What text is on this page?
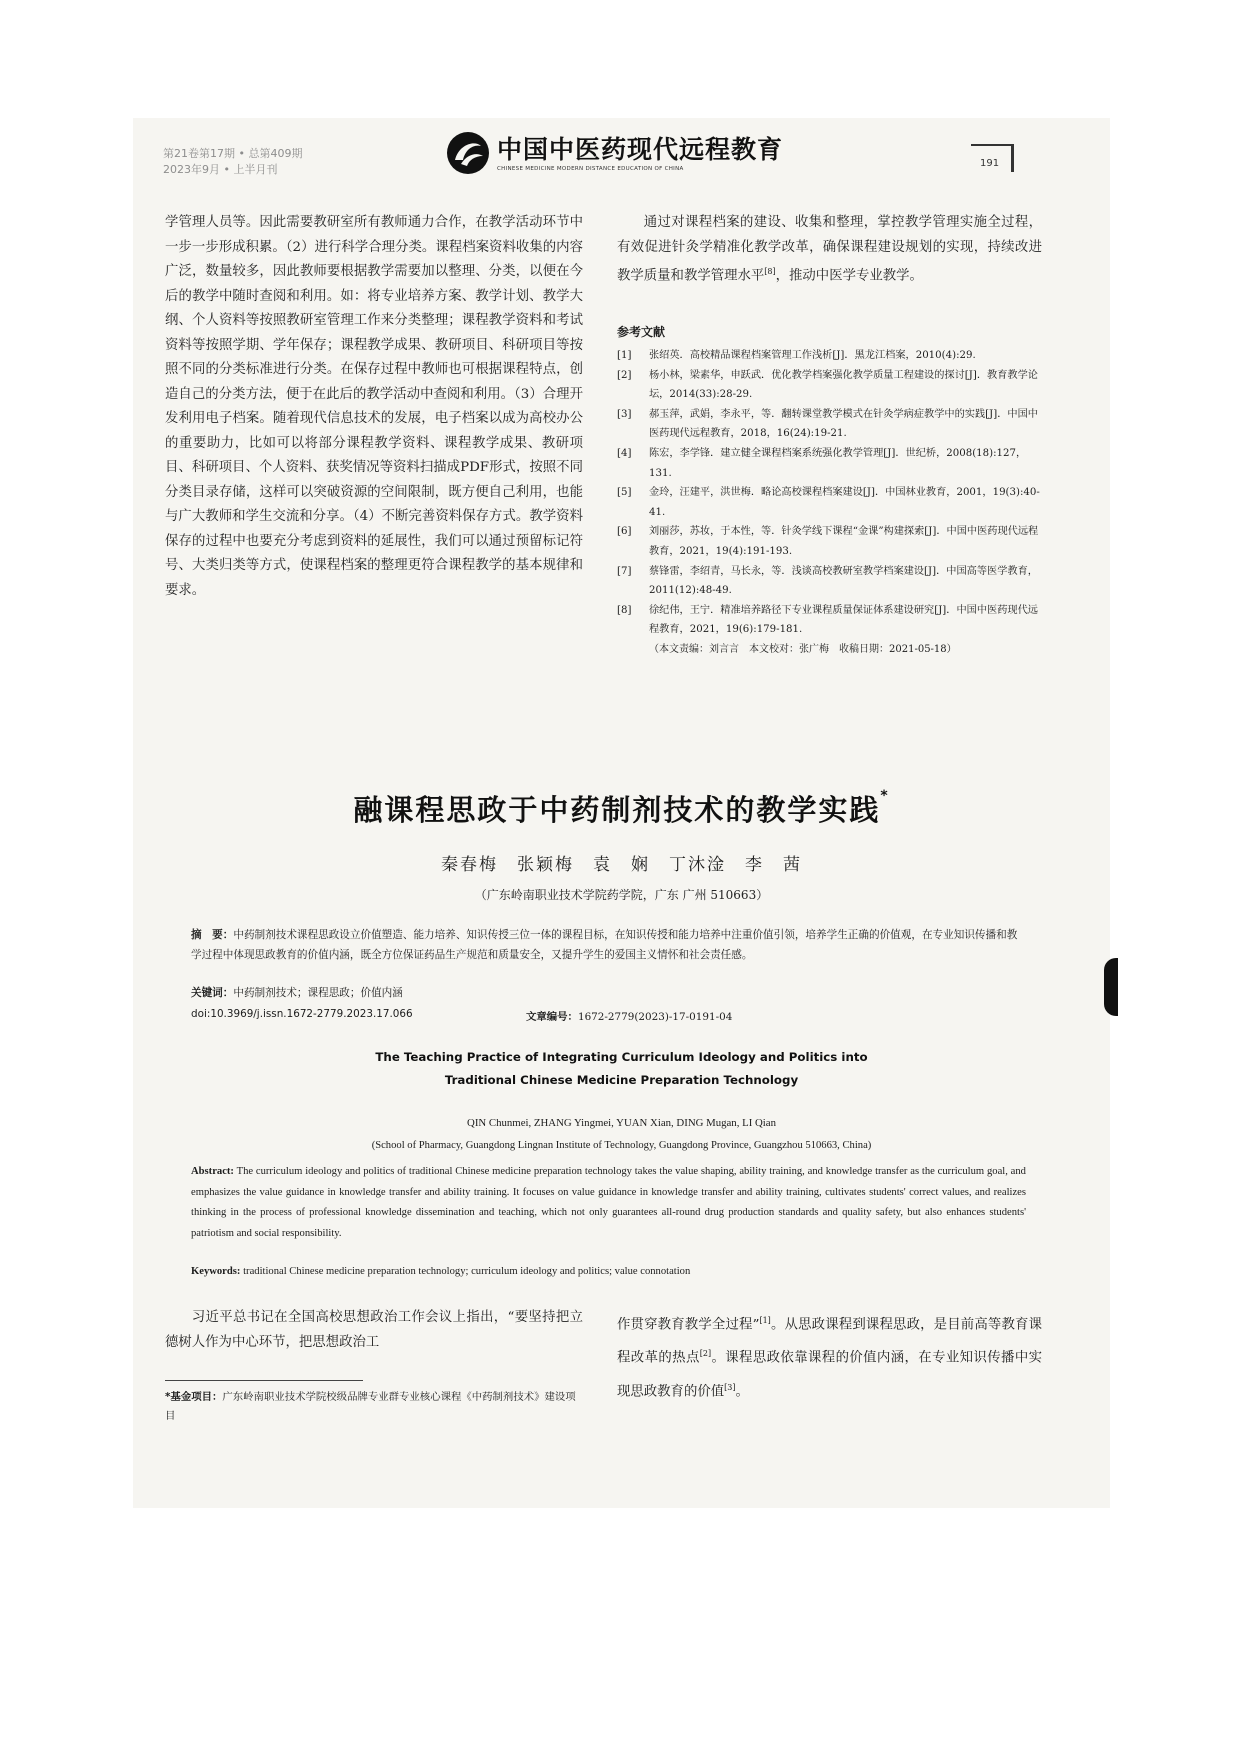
第21卷第17期 • 总第409期
2023年9月 • 上半月刊
中国中医药现代远程教育
CHINESE MEDICINE MODERN DISTANCE EDUCATION OF CHINA	191
学管理人员等。因此需要教研室所有教师通力合作，在教学活动环节中一步一步形成积累。（2）进行科学合理分类。课程档案资料收集的内容广泛，数量较多，因此教师要根据教学需要加以整理、分类，以便在今后的教学中随时查阅和利用。如：将专业培养方案、教学计划、教学大纲、个人资料等按照教研室管理工作来分类整理；课程教学资料和考试资料等按照学期、学年保存；课程教学成果、教研项目、科研项目等按照不同的分类标准进行分类。在保存过程中教师也可根据课程特点，创造自己的分类方法，便于在此后的教学活动中查阅和利用。（3）合理开发利用电子档案。随着现代信息技术的发展，电子档案以成为高校办公的重要助力，比如可以将部分课程教学资料、课程教学成果、教研项目、科研项目、个人资料、获奖情况等资料扫描成PDF形式，按照不同分类目录存储，这样可以突破资源的空间限制，既方便自己利用，也能与广大教师和学生交流和分享。（4）不断完善资料保存方式。教学资料保存的过程中也要充分考虑到资料的延展性，我们可以通过预留标记符号、大类归类等方式，使课程档案的整理更符合课程教学的基本规律和要求。
通过对课程档案的建设、收集和整理，掌控教学管理实施全过程，有效促进针灸学精准化教学改革，确保课程建设规划的实现，持续改进教学质量和教学管理水平[8]，推动中医学专业教学。
参考文献
[1]	张绍英．高校精品课程档案管理工作浅析[J]．黑龙江档案，2010(4):29.
[2]	杨小林，梁素华，申跃武．优化教学档案强化教学质量工程建设的探讨[J]．教育教学论坛，2014(33):28-29.
[3]	郝玉萍，武娟，李永平，等．翻转课堂教学模式在针灸学病症教学中的实践[J]．中国中医药现代远程教育，2018，16(24):19-21.
[4]	陈宏，李学锋．建立健全课程档案系统强化教学管理[J]．世纪桥，2008(18):127，131.
[5]	金玲，汪建平，洪世梅．略论高校课程档案建设[J]．中国林业教育，2001，19(3):40-41.
[6]	刘丽莎，苏妆，于本性，等．针灸学线下课程“金课”构建探索[J]．中国中医药现代远程教育，2021，19(4):191-193.
[7]	蔡锋雷，李绍青，马长永，等．浅谈高校教研室教学档案建设[J]．中国高等医学教育，2011(12):48-49.
[8]	徐纪伟，王宁．精准培养路径下专业课程质量保证体系建设研究[J]．中国中医药现代远程教育，2021，19(6):179-181.
（本文责编：刘言言　本文校对：张广梅　收稿日期：2021-05-18）
融课程思政于中药制剂技术的教学实践*
秦春梅　张颖梅　袁　娴　丁沐淦　李　茜
（广东岭南职业技术学院药学院，广东 广州 510663）
摘　要：中药制剂技术课程思政设立价值塑造、能力培养、知识传授三位一体的课程目标，在知识传授和能力培养中注重价值引领，培养学生正确的价值观，在专业知识传播和教学过程中体现思政教育的价值内涵，既全方位保证药品生产规范和质量安全，又提升学生的爱国主义情怀和社会责任感。
关键词：中药制剂技术；课程思政；价值内涵
doi:10.3969/j.issn.1672-2779.2023.17.066	文章编号：1672-2779(2023)-17-0191-04
The Teaching Practice of Integrating Curriculum Ideology and Politics into
Traditional Chinese Medicine Preparation Technology
QIN Chunmei, ZHANG Yingmei, YUAN Xian, DING Mugan, LI Qian
(School of Pharmacy, Guangdong Lingnan Institute of Technology, Guangdong Province, Guangzhou 510663, China)
Abstract: The curriculum ideology and politics of traditional Chinese medicine preparation technology takes the value shaping, ability training, and knowledge transfer as the curriculum goal, and emphasizes the value guidance in knowledge transfer and ability training. It focuses on value guidance in knowledge transfer and ability training, cultivates students' correct values, and realizes thinking in the process of professional knowledge dissemination and teaching, which not only guarantees all-round drug production standards and quality safety, but also enhances students' patriotism and social responsibility.
Keywords: traditional Chinese medicine preparation technology; curriculum ideology and politics; value connotation
习近平总书记在全国高校思想政治工作会议上指出，“要坚持把立德树人作为中心环节，把思想政治工
作贯穿教育教学全过程”[1]。从思政课程到课程思政，是目前高等教育课程改革的热点[2]。课程思政依靠课程的价值内涵，在专业知识传播中实现思政教育的价值[3]。
*基金项目：广东岭南职业技术学院校级品牌专业群专业核心课程《中药制剂技术》建设项目
